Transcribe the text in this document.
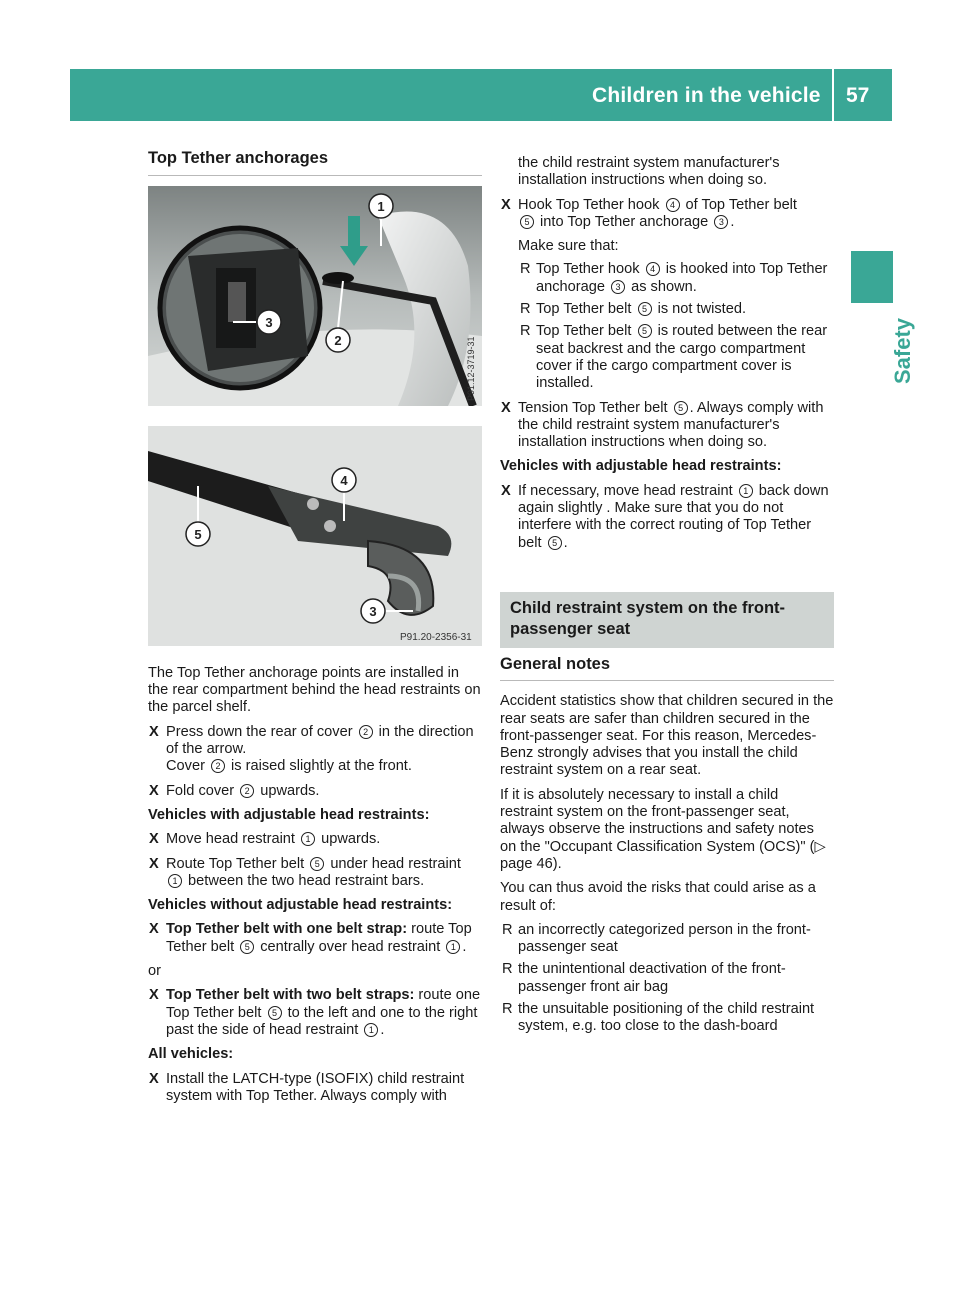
Children in the vehicle 57
Safety
Top Tether anchorages
1
2
3
P91.12-3719-31
5
4
3
P91.20-2356-31

The Top Tether anchorage points are installed in the rear compartment behind the head restraints on the parcel shelf.

X Press down the rear of cover 2 in the direction of the arrow.
Cover 2 is raised slightly at the front.
X Fold cover 2 upwards.

Vehicles with adjustable head restraints:

X Move head restraint 1 upwards.
X Route Top Tether belt 5 under head restraint 1 between the two head restraint bars.

Vehicles without adjustable head restraints:

X Top Tether belt with one belt strap: route Top Tether belt 5 centrally over head restraint 1 .

or

X Top Tether belt with two belt straps: route one Top Tether belt 5 to the left and one to the right past the side of head restraint 1 .

All vehicles:

X Install the LATCH-type (ISOFIX) child restraint system with Top Tether. Always comply with
the child restraint system manufacturer's installation instructions when doing so.
X Hook Top Tether hook 4 of Top Tether belt
5 into Top Tether anchorage 3 .
Make sure that:
R Top Tether hook 4 is hooked into Top Tether anchorage 3 as shown.
R Top Tether belt 5 is not twisted.
R Top Tether belt 5 is routed between the rear seat backrest and the cargo compartment cover if the cargo compartment cover is installed.
X Tension Top Tether belt 5 . Always comply with the child restraint system manufacturer's installation instructions when doing so.

Vehicles with adjustable head restraints:

X If necessary, move head restraint 1 back down again slightly . Make sure that you do not interfere with the correct routing of Top Tether belt 5 .
Child restraint system on the front-passenger seat
General notes

Accident statistics show that children secured in the rear seats are safer than children secured in the front-passenger seat. For this reason, Mercedes-Benz strongly advises that you install the child restraint system on a rear seat.

If it is absolutely necessary to install a child restraint system on the front-passenger seat, always observe the instructions and safety notes on the "Occupant Classification System (OCS)" (▷ page 46).

You can thus avoid the risks that could arise as a result of:

R an incorrectly categorized person in the front-passenger seat
R the unintentional deactivation of the front-passenger front air bag
R the unsuitable positioning of the child restraint system, e.g. too close to the dash-board
